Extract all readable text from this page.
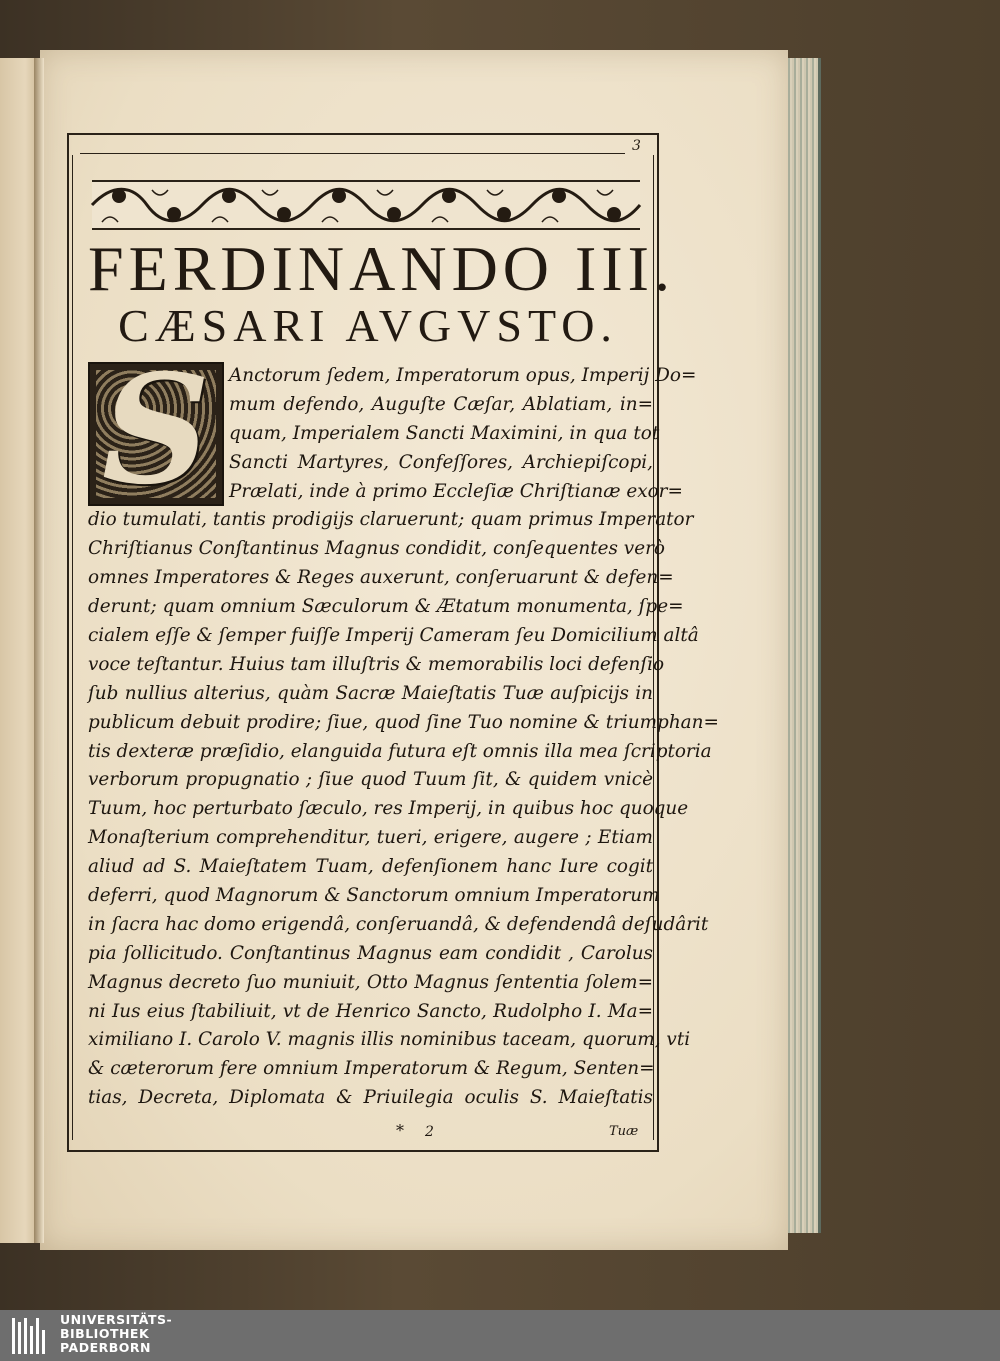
3
FERDINANDO III.
CÆSARI AVGVSTO.
S	Anctorum ſedem, Imperatorum opus, Imperij Do=
mum defendo, Auguſte Cæſar, Ablatiam, in=
quam, Imperialem Sancti Maximini, in qua tot
Sancti Martyres, Confeſſores, Archiepiſcopi,
Prælati, inde à primo Eccleſiæ Chriſtianæ exor=
dio tumulati, tantis prodigijs claruerunt; quam primus Imperator
Chriſtianus Conſtantinus Magnus condidit, conſequentes verò
omnes Imperatores & Reges auxerunt, conſeruarunt & defen=
derunt; quam omnium Sæculorum & Ætatum monumenta, ſpe=
cialem eſſe & ſemper fuiſſe Imperij Cameram ſeu Domicilium altâ
voce teſtantur. Huius tam illuſtris & memorabilis loci defenſio
ſub nullius alterius, quàm Sacræ Maieſtatis Tuæ auſpicijs in
publicum debuit prodire; ſiue, quod ſine Tuo nomine & triumphan=
tis dexteræ præſidio, elanguida futura eſt omnis illa mea ſcriptoria
verborum propugnatio ; ſiue quod Tuum ſit, & quidem vnicè
Tuum, hoc perturbato ſæculo, res Imperij, in quibus hoc quoque
Monaſterium comprehenditur, tueri, erigere, augere ; Etiam
aliud ad S. Maieſtatem Tuam, defenſionem hanc Iure cogit
deferri, quod Magnorum & Sanctorum omnium Imperatorum
in ſacra hac domo erigendâ, conſeruandâ, & defendendâ deſudârit
pia ſollicitudo. Conſtantinus Magnus eam condidit , Carolus
Magnus decreto ſuo muniuit, Otto Magnus ſententia ſolem=
ni Ius eius ſtabiliuit, vt de Henrico Sancto, Rudolpho I. Ma=
ximiliano I. Carolo V. magnis illis nominibus taceam, quorum, vti
& cæterorum fere omnium Imperatorum & Regum, Senten=
tias, Decreta, Diplomata & Priuilegia oculis S. Maieſtatis

* 2	Tuæ
UNIVERSITÄTS-
BIBLIOTHEK
PADERBORN
